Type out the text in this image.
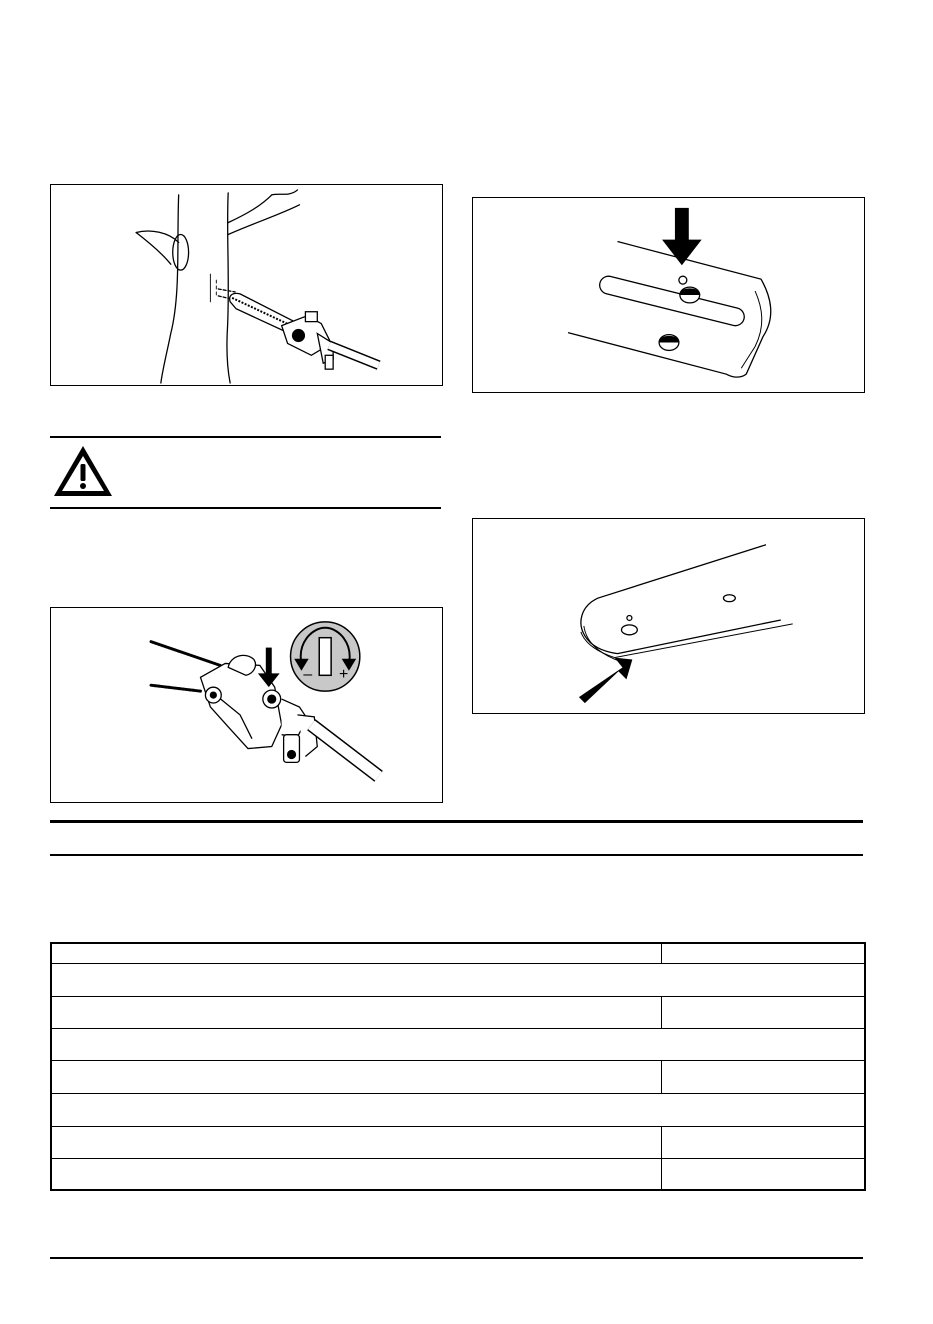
– +
